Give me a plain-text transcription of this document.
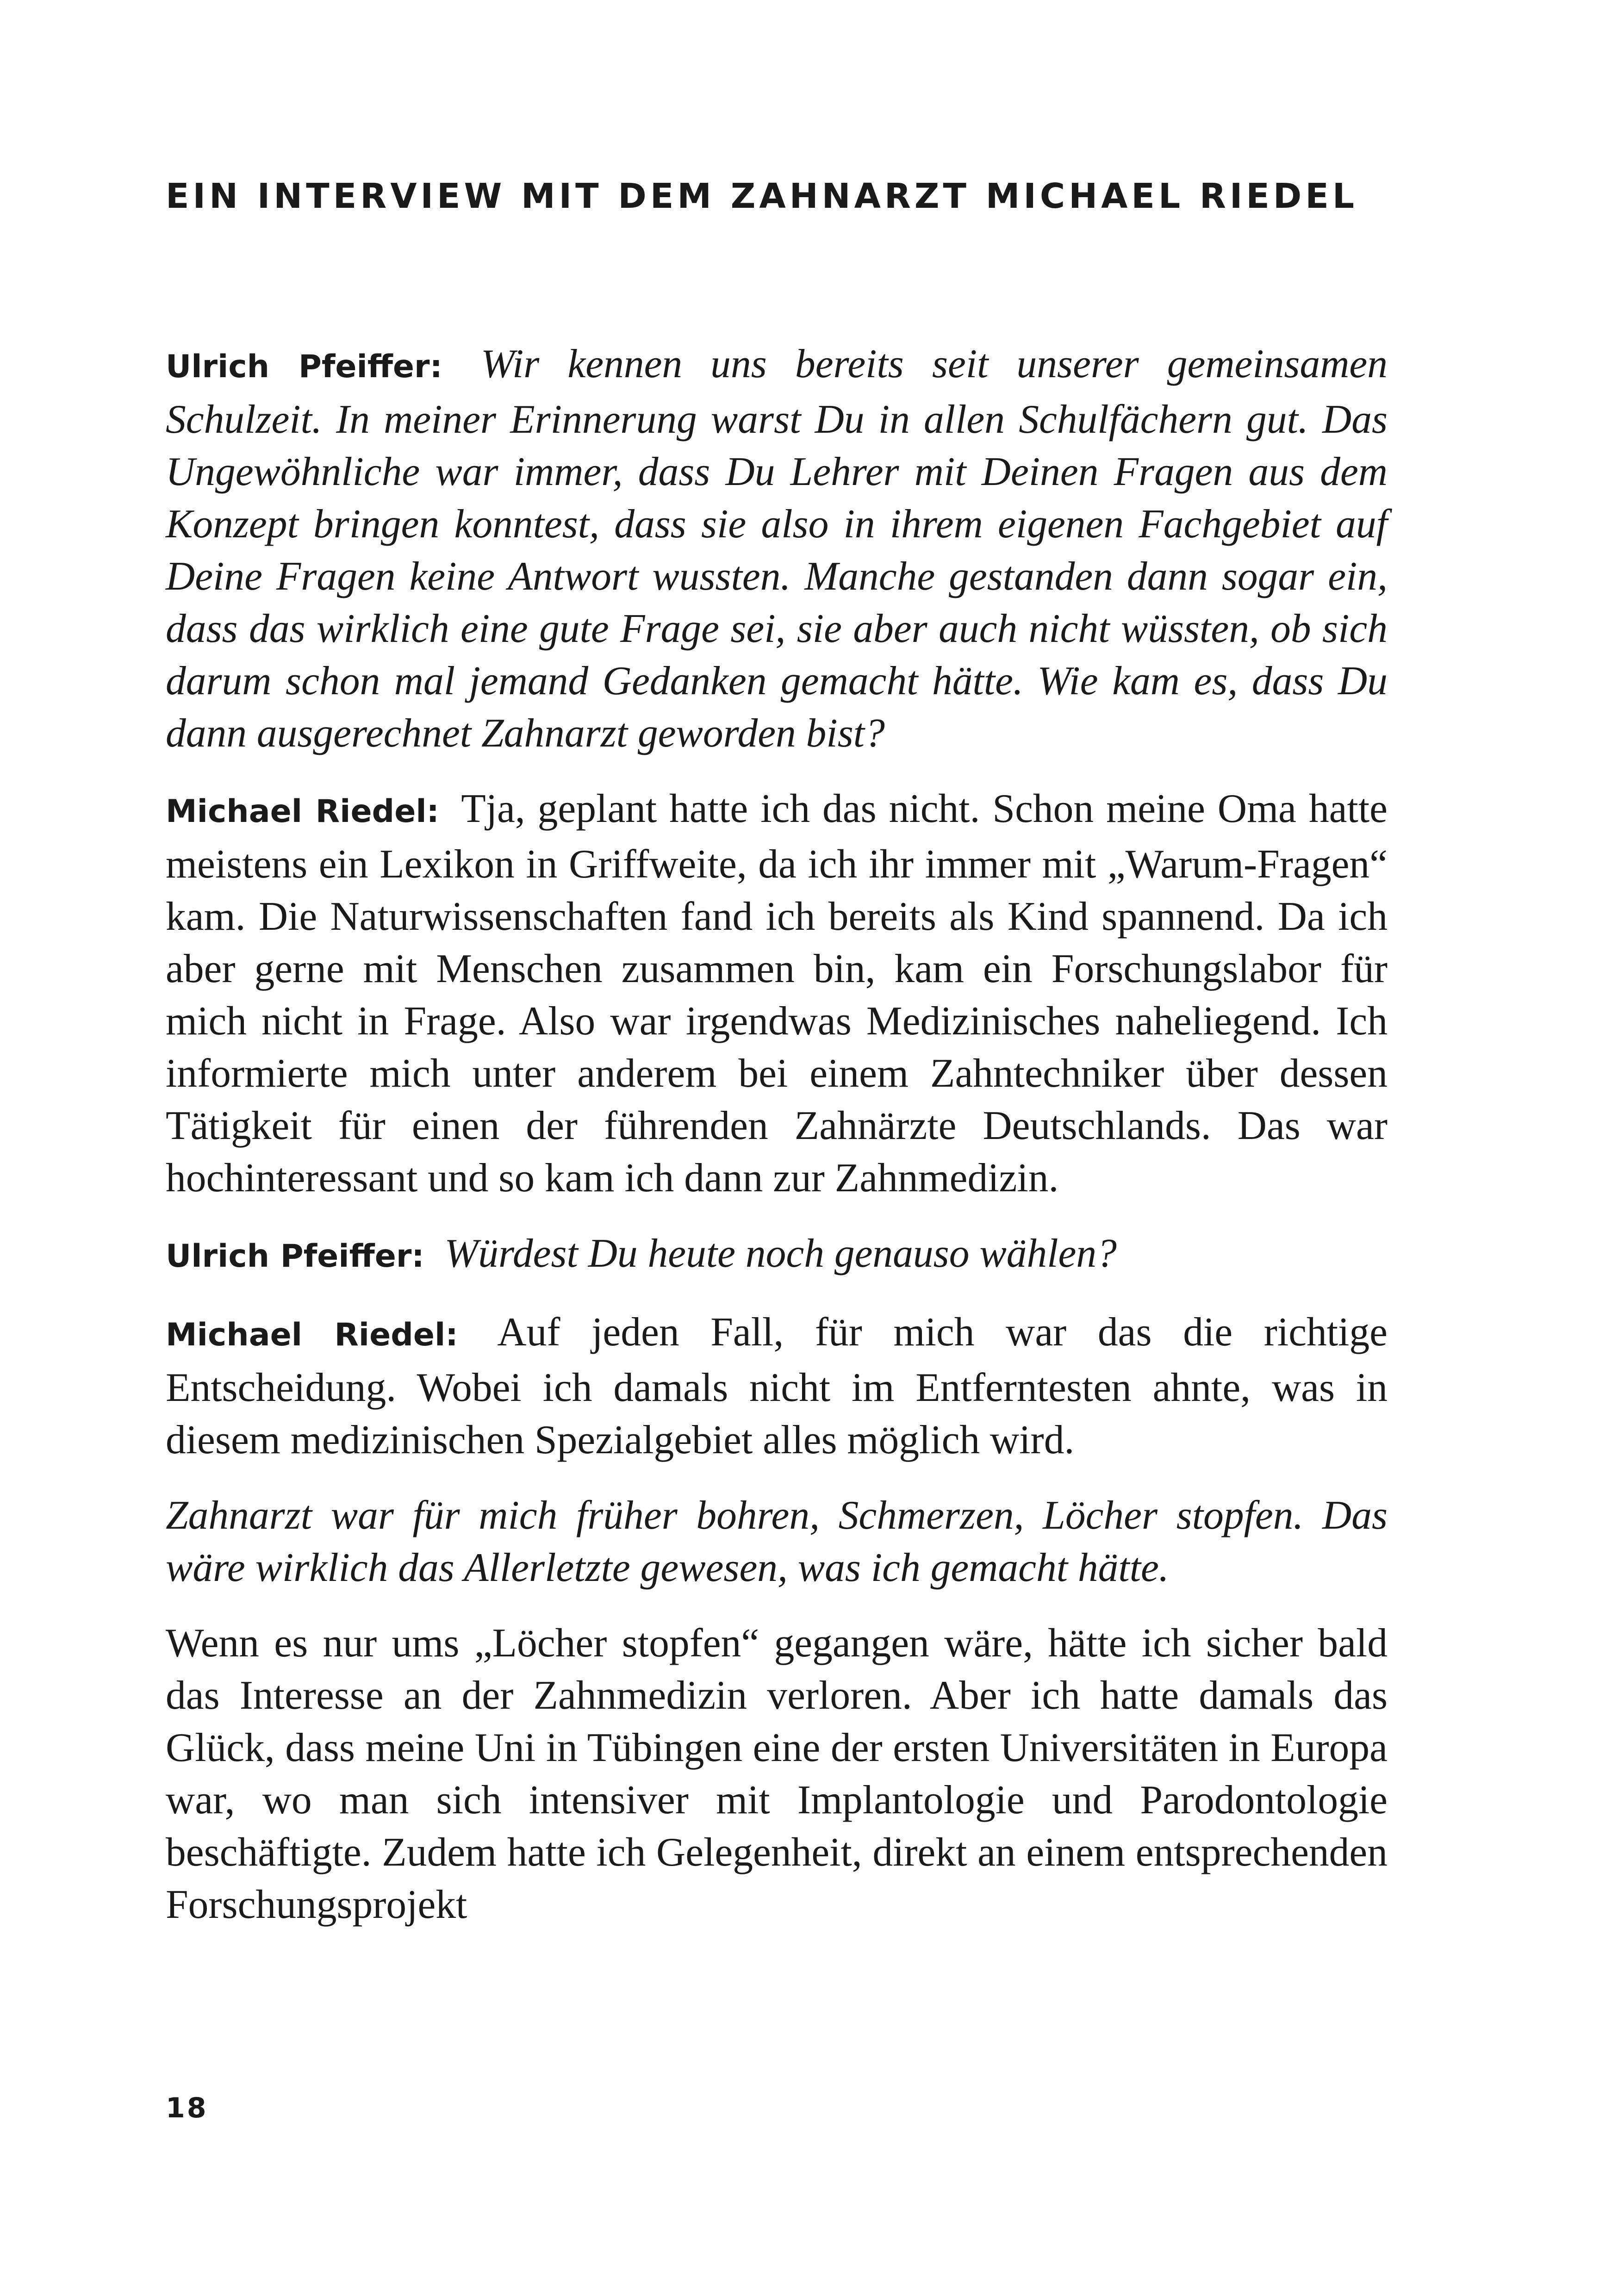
EIN INTERVIEW MIT DEM ZAHNARZT MICHAEL RIEDEL

Ulrich Pfeiffer: Wir kennen uns bereits seit unserer gemeinsamen Schulzeit. In meiner Erinnerung warst Du in allen Schulfächern gut. Das Ungewöhnliche war immer, dass Du Lehrer mit Deinen Fragen aus dem Konzept bringen konntest, dass sie also in ihrem eigenen Fachgebiet auf Deine Fragen keine Antwort wussten. Manche gestanden dann sogar ein, dass das wirklich eine gute Frage sei, sie aber auch nicht wüssten, ob sich darum schon mal jemand Gedanken gemacht hätte. Wie kam es, dass Du dann ausgerechnet Zahnarzt geworden bist?

Michael Riedel: Tja, geplant hatte ich das nicht. Schon meine Oma hatte meistens ein Lexikon in Griffweite, da ich ihr immer mit „Warum-Fragen“ kam. Die Naturwissenschaften fand ich bereits als Kind spannend. Da ich aber gerne mit Menschen zusammen bin, kam ein Forschungslabor für mich nicht in Frage. Also war irgendwas Medizinisches naheliegend. Ich informierte mich unter anderem bei einem Zahntechniker über dessen Tätigkeit für einen der führenden Zahnärzte Deutschlands. Das war hochinteressant und so kam ich dann zur Zahnmedizin.

Ulrich Pfeiffer: Würdest Du heute noch genauso wählen?

Michael Riedel: Auf jeden Fall, für mich war das die richtige Entscheidung. Wobei ich damals nicht im Entferntesten ahnte, was in diesem medizinischen Spezialgebiet alles möglich wird.

Zahnarzt war für mich früher bohren, Schmerzen, Löcher stopfen. Das wäre wirklich das Allerletzte gewesen, was ich gemacht hätte.

Wenn es nur ums „Löcher stopfen“ gegangen wäre, hätte ich sicher bald das Interesse an der Zahnmedizin verloren. Aber ich hatte damals das Glück, dass meine Uni in Tübingen eine der ersten Universitäten in Europa war, wo man sich intensiver mit Implantologie und Parodontologie beschäftigte. Zudem hatte ich Gelegenheit, direkt an einem entsprechenden Forschungsprojekt

18
